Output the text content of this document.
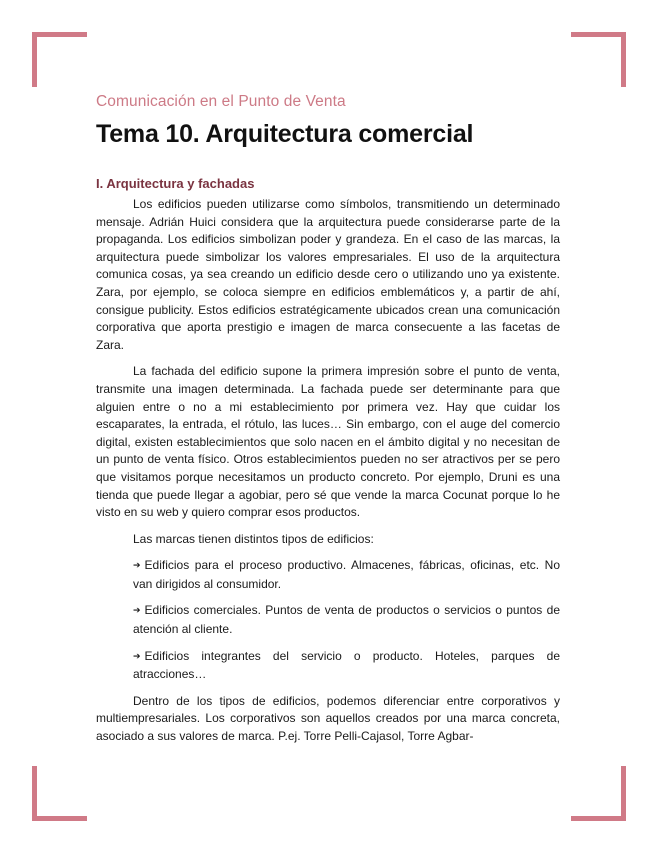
Comunicación en el Punto de Venta
Tema 10. Arquitectura comercial
I. Arquitectura y fachadas

Los edificios pueden utilizarse como símbolos, transmitiendo un determinado mensaje. Adrián Huici considera que la arquitectura puede considerarse parte de la propaganda. Los edificios simbolizan poder y grandeza. En el caso de las marcas, la arquitectura puede simbolizar los valores empresariales. El uso de la arquitectura comunica cosas, ya sea creando un edificio desde cero o utilizando uno ya existente. Zara, por ejemplo, se coloca siempre en edificios emblemáticos y, a partir de ahí, consigue publicity. Estos edificios estratégicamente ubicados crean una comunicación corporativa que aporta prestigio e imagen de marca consecuente a las facetas de Zara.

La fachada del edificio supone la primera impresión sobre el punto de venta, transmite una imagen determinada. La fachada puede ser determinante para que alguien entre o no a mi establecimiento por primera vez. Hay que cuidar los escaparates, la entrada, el rótulo, las luces… Sin embargo, con el auge del comercio digital, existen establecimientos que solo nacen en el ámbito digital y no necesitan de un punto de venta físico. Otros establecimientos pueden no ser atractivos per se pero que visitamos porque necesitamos un producto concreto. Por ejemplo, Druni es una tienda que puede llegar a agobiar, pero sé que vende la marca Cocunat porque lo he visto en su web y quiero comprar esos productos.

Las marcas tienen distintos tipos de edificios:

➔ Edificios para el proceso productivo. Almacenes, fábricas, oficinas, etc. No van dirigidos al consumidor.
➔ Edificios comerciales. Puntos de venta de productos o servicios o puntos de atención al cliente.
➔ Edificios integrantes del servicio o producto. Hoteles, parques de atracciones…

Dentro de los tipos de edificios, podemos diferenciar entre corporativos y multiempresariales. Los corporativos son aquellos creados por una marca concreta, asociado a sus valores de marca. P.ej. Torre Pelli-Cajasol, Torre Agbar-
